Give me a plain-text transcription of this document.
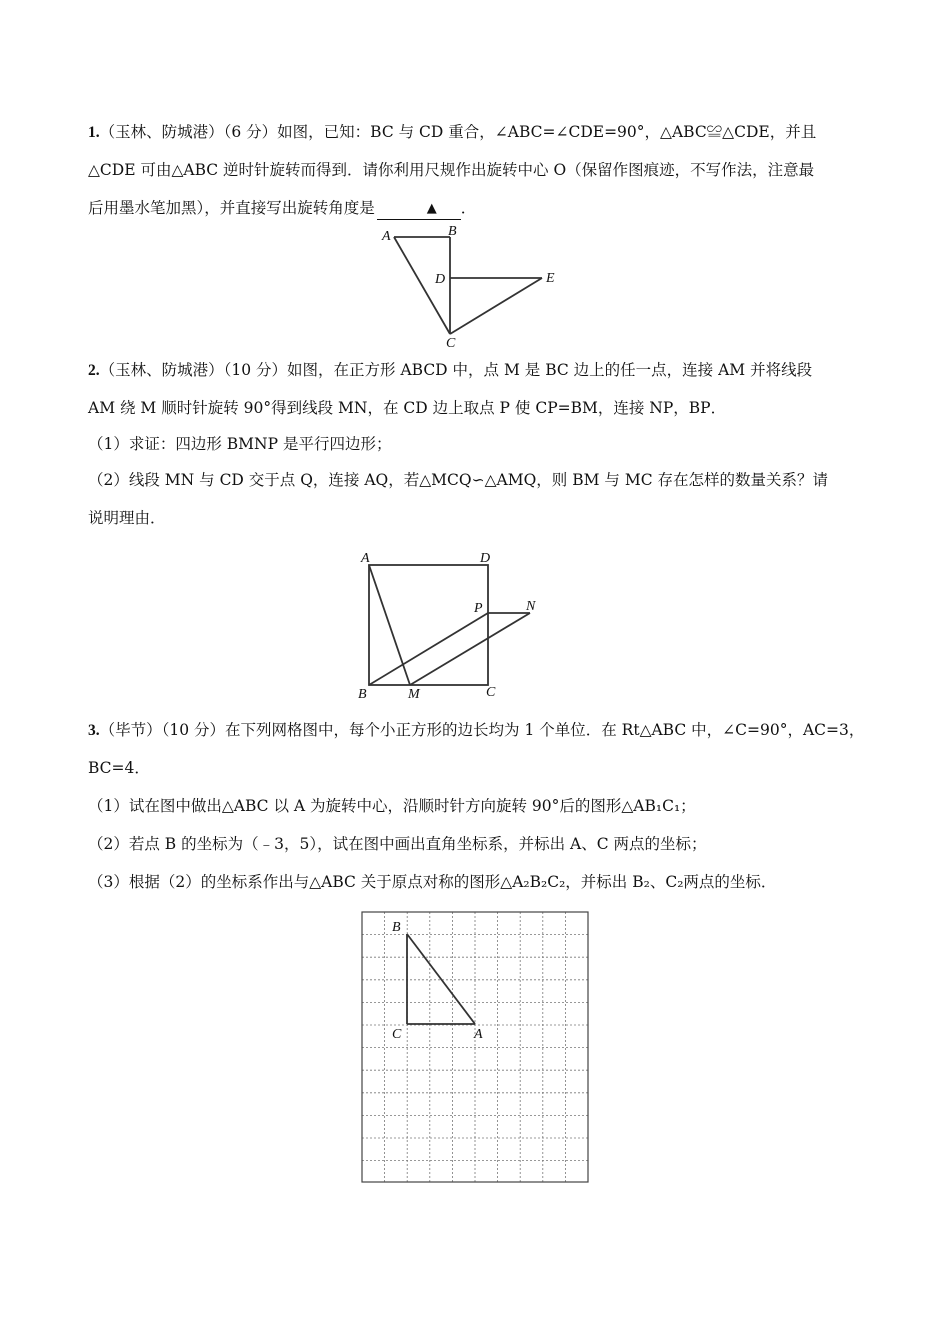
1.（玉林、防城港）（6 分）如图，已知：BC 与 CD 重合，∠ABC=∠CDE=90°，△ABC≌△CDE，并且
△CDE 可由△ABC 逆时针旋转而得到．请你利用尺规作出旋转中心 O（保留作图痕迹，不写作法，注意最
后用墨水笔加黑），并直接写出旋转角度是	▲ ．
A	B
D	E
C
2.（玉林、防城港）（10 分）如图，在正方形 ABCD 中，点 M 是 BC 边上的任一点，连接 AM 并将线段
AM 绕 M 顺时针旋转 90°得到线段 MN，在 CD 边上取点 P 使 CP=BM，连接 NP，BP．
（1）求证：四边形 BMNP 是平行四边形；
（2）线段 MN 与 CD 交于点 Q，连接 AQ，若△MCQ∽△AMQ，则 BM 与 MC 存在怎样的数量关系？请
说明理由．
A	D
P	N
B	M	C
3.（毕节）（10 分）在下列网格图中，每个小正方形的边长均为 1 个单位．在 Rt△ABC 中，∠C=90°，AC=3，
BC=4．
（1）试在图中做出△ABC 以 A 为旋转中心，沿顺时针方向旋转 90°后的图形△AB₁C₁；
（2）若点 B 的坐标为（﹣3，5），试在图中画出直角坐标系，并标出 A、C 两点的坐标；
（3）根据（2）的坐标系作出与△ABC 关于原点对称的图形△A₂B₂C₂，并标出 B₂、C₂两点的坐标．
B
C	A
